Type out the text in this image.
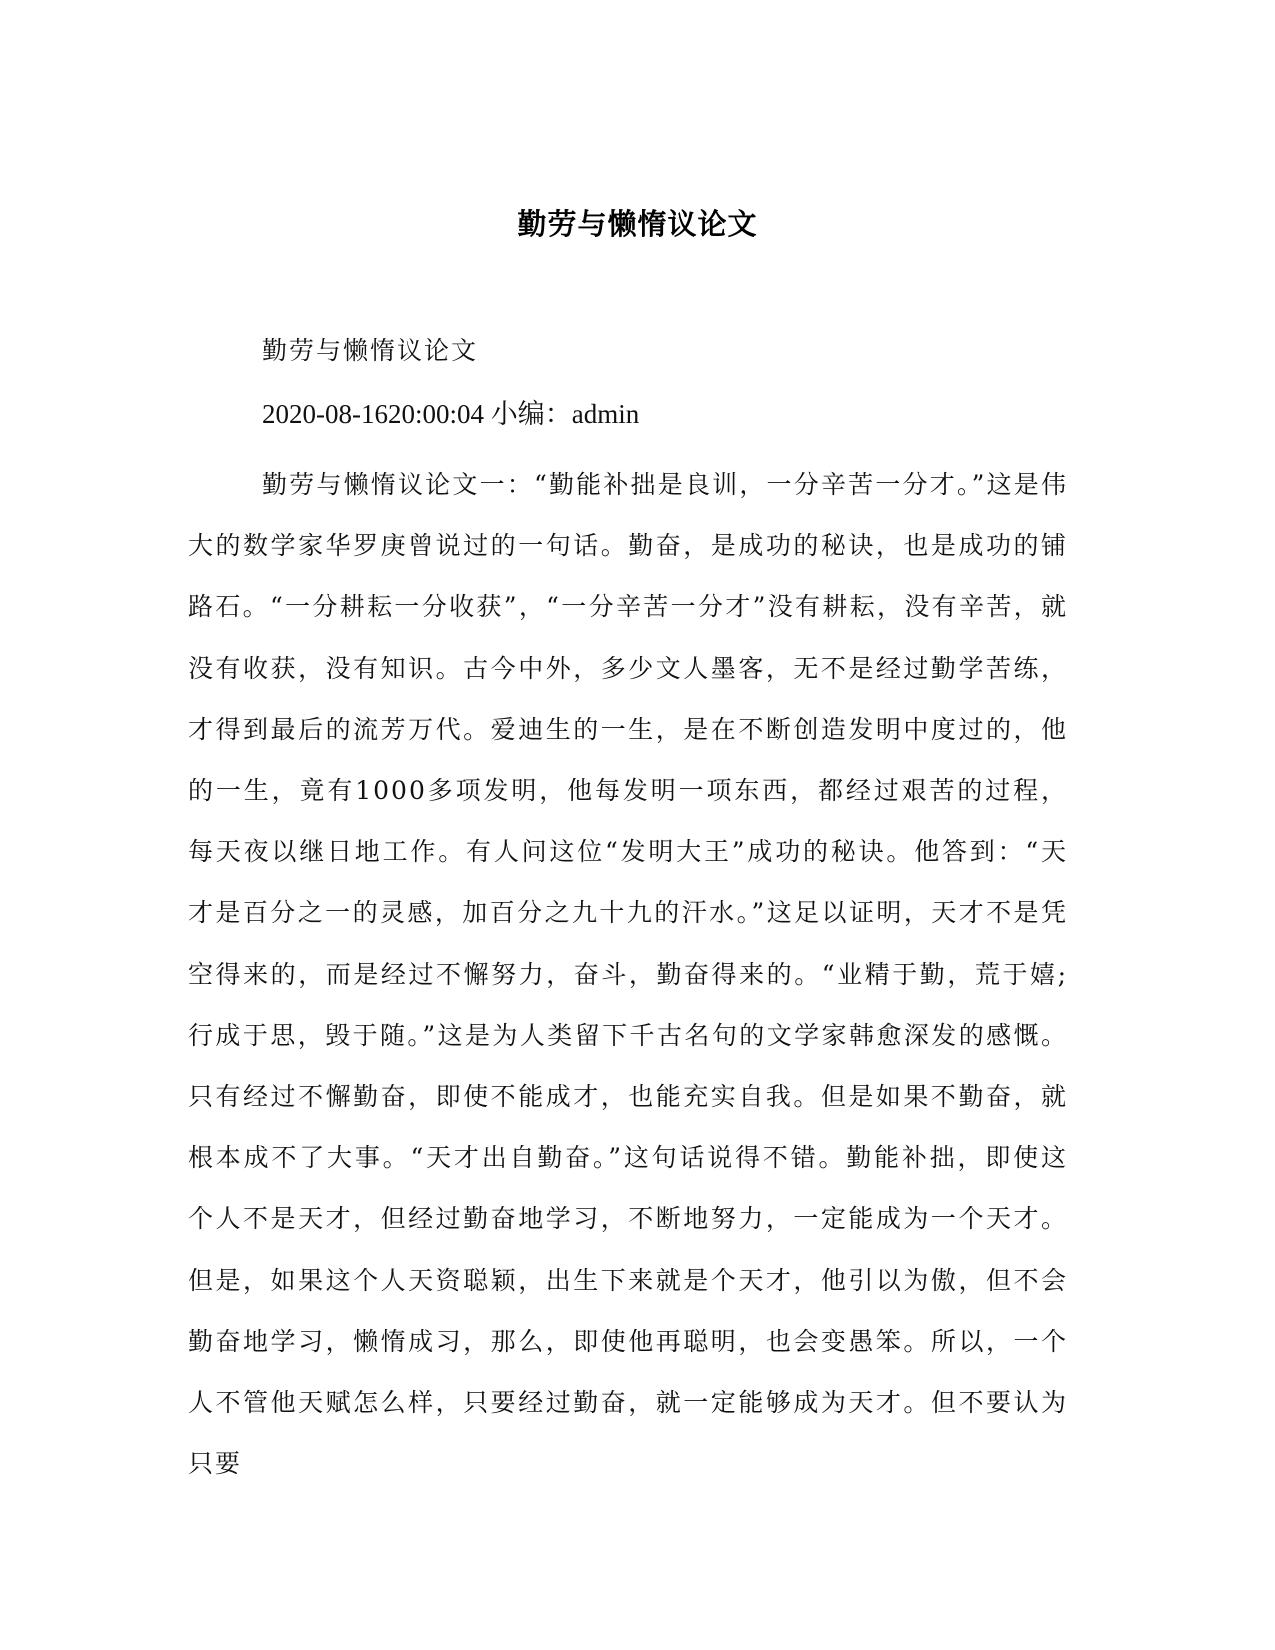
勤劳与懒惰议论文
勤劳与懒惰议论文
2020-08-1620:00:04 小编：admin
勤劳与懒惰议论文一：“勤能补拙是良训，一分辛苦一分才。”这是伟大的数学家华罗庚曾说过的一句话。勤奋，是成功的秘诀，也是成功的铺路石。“一分耕耘一分收获”，“一分辛苦一分才”没有耕耘，没有辛苦，就没有收获，没有知识。古今中外，多少文人墨客，无不是经过勤学苦练，才得到最后的流芳万代。爱迪生的一生，是在不断创造发明中度过的，他的一生，竟有1000多项发明，他每发明一项东西，都经过艰苦的过程，每天夜以继日地工作。有人问这位“发明大王”成功的秘诀。他答到：“天才是百分之一的灵感，加百分之九十九的汗水。”这足以证明，天才不是凭空得来的，而是经过不懈努力，奋斗，勤奋得来的。“业精于勤，荒于嬉;行成于思，毁于随。”这是为人类留下千古名句的文学家韩愈深发的感慨。只有经过不懈勤奋，即使不能成才，也能充实自我。但是如果不勤奋，就根本成不了大事。“天才出自勤奋。”这句话说得不错。勤能补拙，即使这个人不是天才，但经过勤奋地学习，不断地努力，一定能成为一个天才。但是，如果这个人天资聪颖，出生下来就是个天才，他引以为傲，但不会勤奋地学习，懒惰成习，那么，即使他再聪明，也会变愚笨。所以，一个人不管他天赋怎么样，只要经过勤奋，就一定能够成为天才。但不要认为只要
